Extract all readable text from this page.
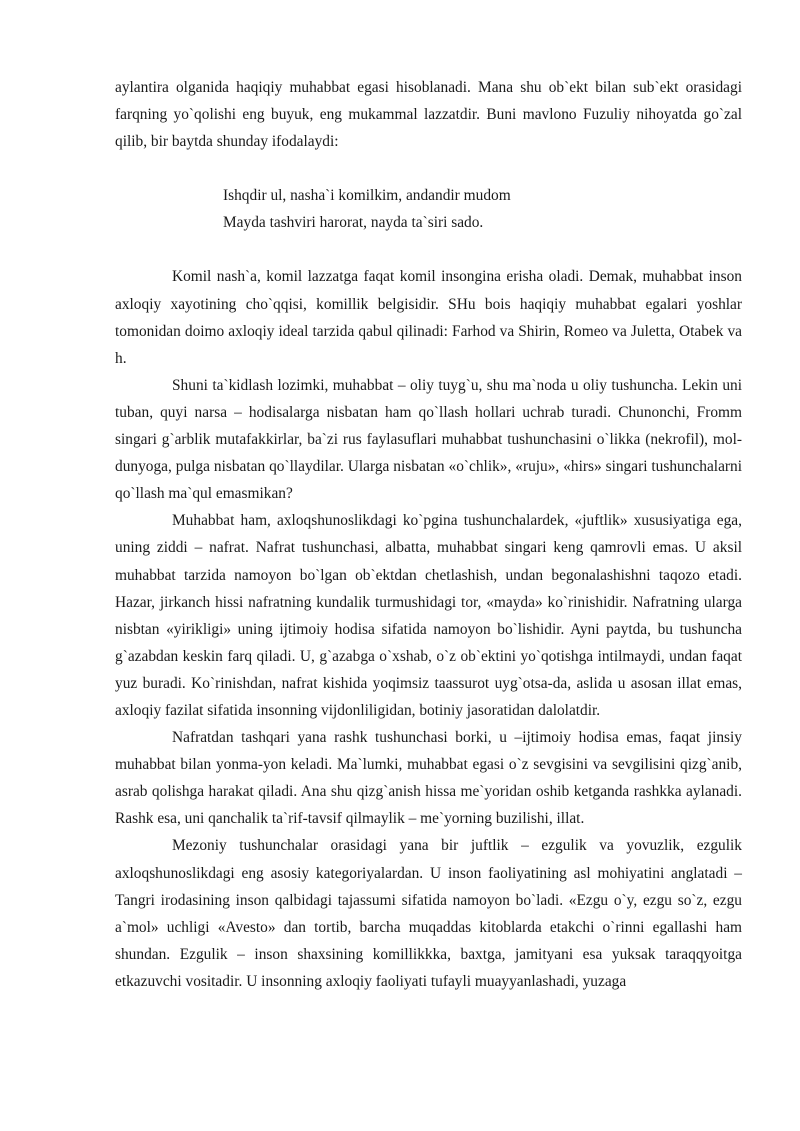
aylantira olganida haqiqiy muhabbat egasi hisoblanadi. Mana shu ob`ekt bilan sub`ekt orasidagi farqning yo`qolishi eng buyuk, eng mukammal lazzatdir. Buni mavlono Fuzuliy nihoyatda go`zal qilib, bir baytda shunday ifodalaydi:

Ishqdir ul, nasha`i komilkim, andandir mudom
Mayda tashviri harorat, nayda ta`siri sado.

Komil nash`a, komil lazzatga faqat komil insongina erisha oladi. Demak, muhabbat inson axloqiy xayotining cho`qqisi, komillik belgisidir. SHu bois haqiqiy muhabbat egalari yoshlar tomonidan doimo axloqiy ideal tarzida qabul qilinadi: Farhod va Shirin, Romeo va Juletta, Otabek va h.

Shuni ta`kidlash lozimki, muhabbat – oliy tuyg`u, shu ma`noda u oliy tushuncha. Lekin uni tuban, quyi narsa – hodisalarga nisbatan ham qo`llash hollari uchrab turadi. Chunonchi, Fromm singari g`arblik mutafakkirlar, ba`zi rus faylasuflari muhabbat tushunchasini o`likka (nekrofil), mol-dunyoga, pulga nisbatan qo`llaydilar. Ularga nisbatan «o`chlik», «ruju», «hirs» singari tushunchalarni qo`llash ma`qul emasmikan?

Muhabbat ham, axloqshunoslikdagi ko`pgina tushunchalardek, «juftlik» xususiyatiga ega, uning ziddi – nafrat. Nafrat tushunchasi, albatta, muhabbat singari keng qamrovli emas. U aksil muhabbat tarzida namoyon bo`lgan ob`ektdan chetlashish, undan begonalashishni taqozo etadi. Hazar, jirkanch hissi nafratning kundalik turmushidagi tor, «mayda» ko`rinishidir. Nafratning ularga nisbtan «yirikligi» uning ijtimoiy hodisa sifatida namoyon bo`lishidir. Ayni paytda, bu tushuncha g`azabdan keskin farq qiladi. U, g`azabga o`xshab, o`z ob`ektini yo`qotishga intilmaydi, undan faqat yuz buradi. Ko`rinishdan, nafrat kishida yoqimsiz taassurot uyg`otsa-da, aslida u asosan illat emas, axloqiy fazilat sifatida insonning vijdonliligidan, botiniy jasoratidan dalolatdir.

Nafratdan tashqari yana rashk tushunchasi borki, u –ijtimoiy hodisa emas, faqat jinsiy muhabbat bilan yonma-yon keladi. Ma`lumki, muhabbat egasi o`z sevgisini va sevgilisini qizg`anib, asrab qolishga harakat qiladi. Ana shu qizg`anish hissa me`yoridan oshib ketganda rashkka aylanadi. Rashk esa, uni qanchalik ta`rif-tavsif qilmaylik – me`yorning buzilishi, illat.

Mezoniy tushunchalar orasidagi yana bir juftlik – ezgulik va yovuzlik, ezgulik axloqshunoslikdagi eng asosiy kategoriyalardan. U inson faoliyatining asl mohiyatini anglatadi – Tangri irodasining inson qalbidagi tajassumi sifatida namoyon bo`ladi. «Ezgu o`y, ezgu so`z, ezgu a`mol» uchligi «Avesto» dan tortib, barcha muqaddas kitoblarda etakchi o`rinni egallashi ham shundan. Ezgulik – inson shaxsining komillikkka, baxtga, jamityani esa yuksak taraqqyoitga etkazuvchi vositadir. U insonning axloqiy faoliyati tufayli muayyanlashadi, yuzaga
